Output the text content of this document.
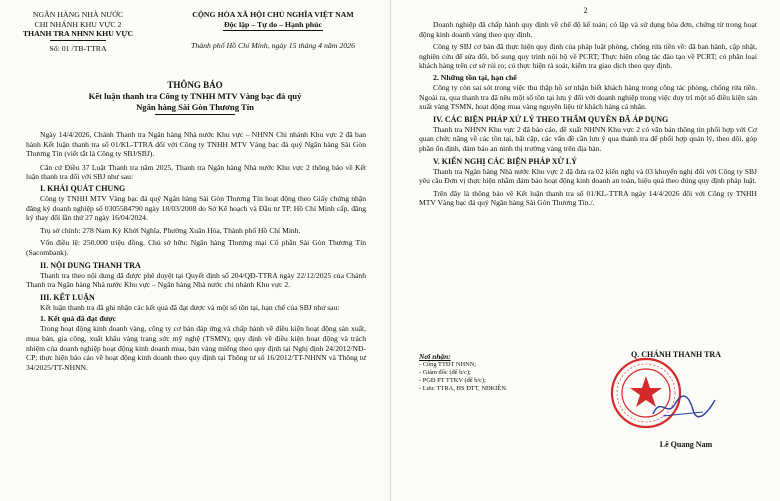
NGÂN HÀNG NHÀ NƯỚC
CHI NHÁNH KHU VỰC 2
THANH TRA NHNN KHU VỰC
Số: 01 /TB-TTRA
CỘNG HÒA XÃ HỘI CHỦ NGHĨA VIỆT NAM
Độc lập – Tự do – Hạnh phúc
Thành phố Hồ Chí Minh, ngày 15 tháng 4 năm 2026
THÔNG BÁO
Kết luận thanh tra Công ty TNHH MTV Vàng bạc đá quý
Ngân hàng Sài Gòn Thương Tín

Ngày 14/4/2026, Chánh Thanh tra Ngân hàng Nhà nước Khu vực – NHNN Chi nhánh Khu vực 2 đã ban hành Kết luận thanh tra số 01/KL-TTRA đối với Công ty TNHH MTV Vàng bạc đá quý Ngân hàng Sài Gòn Thương Tín (viết tắt là Công ty SBJ/SBJ).

Căn cứ Điều 37 Luật Thanh tra năm 2025, Thanh tra Ngân hàng Nhà nước Khu vực 2 thông báo về Kết luận thanh tra đối với SBJ như sau:

I. KHÁI QUÁT CHUNG

Công ty TNHH MTV Vàng bạc đá quý Ngân hàng Sài Gòn Thương Tín hoạt động theo Giấy chứng nhận đăng ký doanh nghiệp số 0305584790 ngày 18/03/2008 do Sở Kế hoạch và Đầu tư TP. Hồ Chí Minh cấp, đăng ký thay đổi lần thứ 27 ngày 16/04/2024.

Trụ sở chính: 278 Nam Kỳ Khởi Nghĩa, Phường Xuân Hòa, Thành phố Hồ Chí Minh.

Vốn điều lệ: 250.000 triệu đồng. Chủ sở hữu: Ngân hàng Thương mại Cổ phần Sài Gòn Thương Tín (Sacombank).

II. NỘI DUNG THANH TRA

Thanh tra theo nội dung đã được phê duyệt tại Quyết định số 204/QĐ-TTRA ngày 22/12/2025 của Chánh Thanh tra Ngân hàng Nhà nước Khu vực – Ngân hàng Nhà nước chi nhánh Khu vực 2.

III. KẾT LUẬN

Kết luận thanh tra đã ghi nhận các kết quả đã đạt được và một số tồn tại, hạn chế của SBJ như sau:

1. Kết quả đã đạt được

Trong hoạt động kinh doanh vàng, công ty cơ bản đáp ứng và chấp hành về điều kiện hoạt động sản xuất, mua bán, gia công, xuất khẩu vàng trang sức mỹ nghệ (TSMN); quy định về điều kiện hoạt động và trách nhiệm của doanh nghiệp hoạt động kinh doanh mua, bán vàng miếng theo quy định tại Nghị định 24/2012/NĐ-CP; thực hiện báo cáo về hoạt động kinh doanh theo quy định tại Thông tư số 16/2012/TT-NHNN và Thông tư 34/2025/TT-NHNN.

2

Doanh nghiệp đã chấp hành quy định về chế độ kế toán; có lập và sử dụng hóa đơn, chứng từ trong hoạt động kinh doanh vàng theo quy định.

Công ty SBJ cơ bản đã thực hiện quy định của pháp luật phòng, chống rửa tiền về: đã ban hành, cập nhật, nghiên cứu để sửa đổi, bổ sung quy trình nội bộ về PCRT; Thực hiện công tác đào tạo về PCRT; có phân loại khách hàng trên cơ sở rủi ro; có thực hiện rà soát, kiểm tra giao dịch theo quy định.

2. Những tồn tại, hạn chế

Công ty còn sai sót trong việc thu thập hồ sơ nhận biết khách hàng trong công tác phòng, chống rửa tiền. Ngoài ra, qua thanh tra đã nêu một số tồn tại lưu ý đối với doanh nghiệp trong việc duy trì một số điều kiện sản xuất vàng TSMN, hoạt động mua vàng nguyên liệu từ khách hàng cá nhân.

IV. CÁC BIỆN PHÁP XỬ LÝ THEO THẨM QUYỀN ĐÃ ÁP DỤNG

Thanh tra NHNN Khu vực 2 đã báo cáo, đề xuất NHNN Khu vực 2 có văn bản thông tin phối hợp với Cơ quan chức năng về các tồn tại, bất cập, các vấn đề cần lưu ý qua thanh tra để phối hợp quản lý, theo dõi, góp phần ổn định, đảm bảo an ninh thị trường vàng trên địa bàn.

V. KIẾN NGHỊ CÁC BIỆN PHÁP XỬ LÝ

Thanh tra Ngân hàng Nhà nước Khu vực 2 đã đưa ra 02 kiến nghị và 03 khuyến nghị đối với Công ty SBJ yêu cầu Đơn vị thực hiện nhằm đảm bảo hoạt động kinh doanh an toàn, hiệu quả theo đúng quy định pháp luật.

Trên đây là thông báo về Kết luận thanh tra số 01/KL-TTRA ngày 14/4/2026 đối với Công ty TNHH MTV Vàng bạc đá quý Ngân hàng Sài Gòn Thương Tín./.

Nơi nhận:
- Cổng TTĐT NHNN;
- Giám đốc (để b/c);
- PGĐ PT TTKV (để b/c);
- Lưu: TTRA, HS ĐTT, NĐKIÊN.
Q. CHÁNH THANH TRA
Lê Quang Nam
